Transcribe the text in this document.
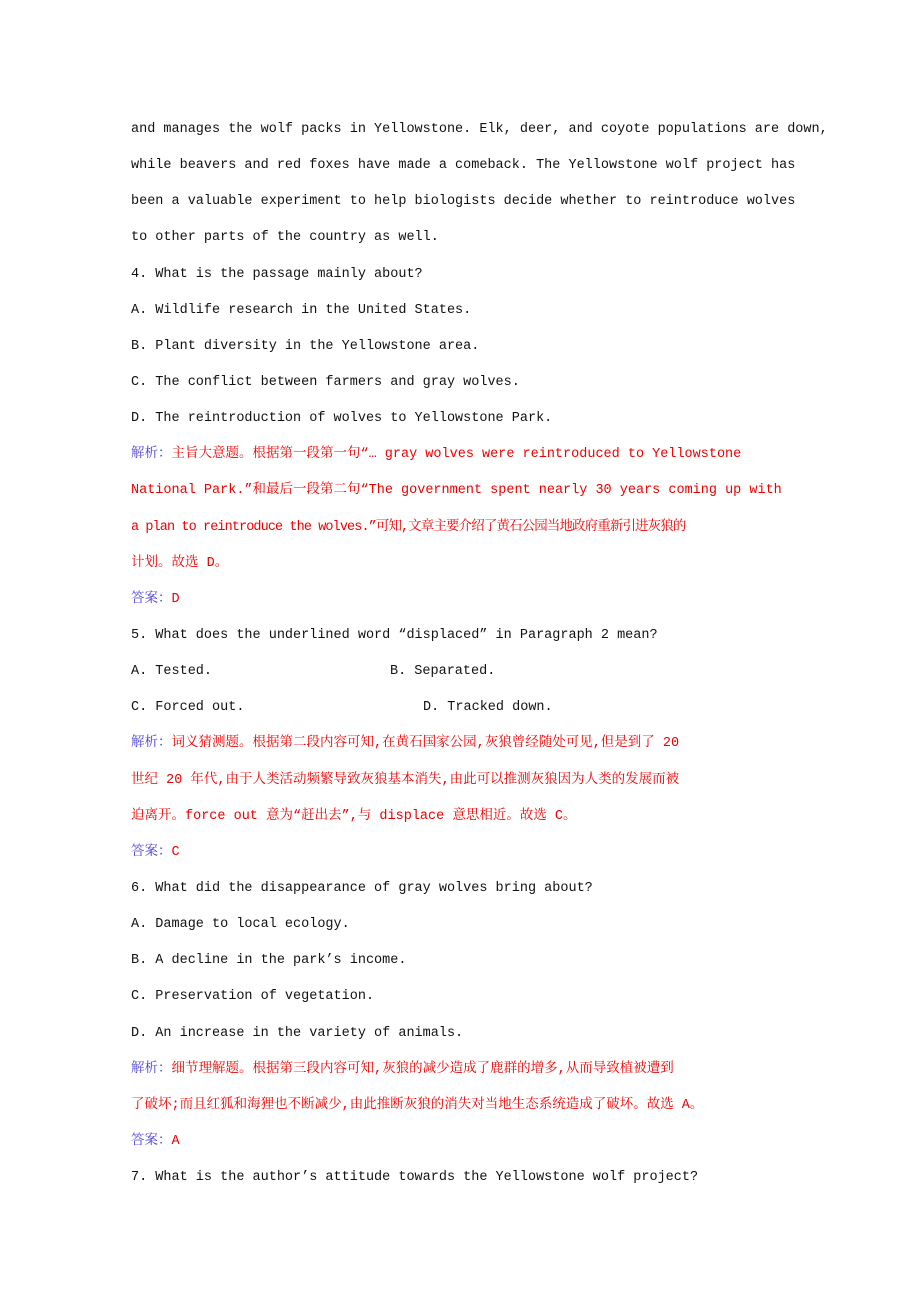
and manages the wolf packs in Yellowstone. Elk, deer, and coyote populations are down,
while beavers and red foxes have made a comeback. The Yellowstone wolf project has
been a valuable experiment to help biologists decide whether to reintroduce wolves
to other parts of the country as well.
4. What is the passage mainly about?
A. Wildlife research in the United States.
B. Plant diversity in the Yellowstone area.
C. The conflict between farmers and gray wolves.
D. The reintroduction of wolves to Yellowstone Park.
解析：主旨大意题。根据第一段第一句“… gray wolves were reintroduced to Yellowstone
National Park.”和最后一段第二句“The government spent nearly 30 years coming up with
a plan to reintroduce the wolves.”可知,文章主要介绍了黄石公园当地政府重新引进灰狼的
计划。故选 D。
答案：D
5. What does the underlined word “displaced” in Paragraph 2 mean?
A. Tested.	B. Separated.
C. Forced out.	D. Tracked down.
解析：词义猜测题。根据第二段内容可知,在黄石国家公园,灰狼曾经随处可见,但是到了 20
世纪 20 年代,由于人类活动频繁导致灰狼基本消失,由此可以推测灰狼因为人类的发展而被
迫离开。force out 意为“赶出去”,与 displace 意思相近。故选 C。
答案：C
6. What did the disappearance of gray wolves bring about?
A. Damage to local ecology.
B. A decline in the park’s income.
C. Preservation of vegetation.
D. An increase in the variety of animals.
解析：细节理解题。根据第三段内容可知,灰狼的减少造成了鹿群的增多,从而导致植被遭到
了破坏;而且红狐和海狸也不断减少,由此推断灰狼的消失对当地生态系统造成了破坏。故选 A。
答案：A
7. What is the author’s attitude towards the Yellowstone wolf project?
